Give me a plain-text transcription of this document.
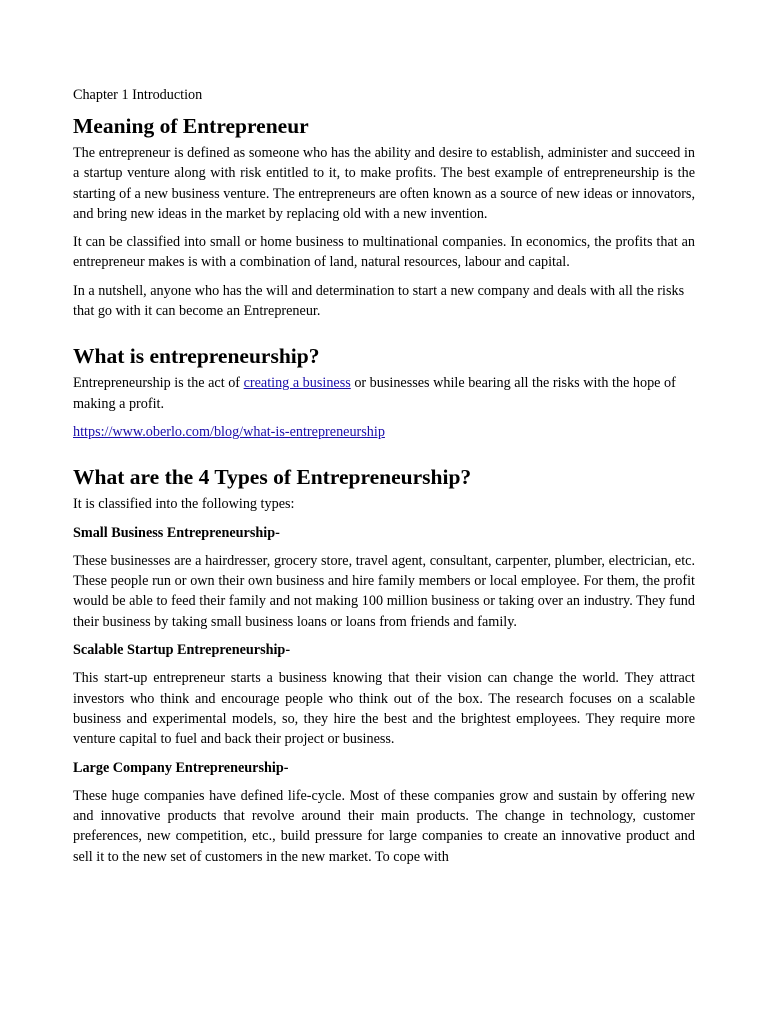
Chapter 1 Introduction
Meaning of Entrepreneur

The entrepreneur is defined as someone who has the ability and desire to establish, administer and succeed in a startup venture along with risk entitled to it, to make profits. The best example of entrepreneurship is the starting of a new business venture. The entrepreneurs are often known as a source of new ideas or innovators, and bring new ideas in the market by replacing old with a new invention.

It can be classified into small or home business to multinational companies. In economics, the profits that an entrepreneur makes is with a combination of land, natural resources, labour and capital.

In a nutshell, anyone who has the will and determination to start a new company and deals with all the risks that go with it can become an Entrepreneur.

What is entrepreneurship?

Entrepreneurship is the act of creating a business or businesses while bearing all the risks with the hope of making a profit.

https://www.oberlo.com/blog/what-is-entrepreneurship

What are the 4 Types of Entrepreneurship?

It is classified into the following types:

Small Business Entrepreneurship-

These businesses are a hairdresser, grocery store, travel agent, consultant, carpenter, plumber, electrician, etc. These people run or own their own business and hire family members or local employee. For them, the profit would be able to feed their family and not making 100 million business or taking over an industry. They fund their business by taking small business loans or loans from friends and family.

Scalable Startup Entrepreneurship-

This start-up entrepreneur starts a business knowing that their vision can change the world. They attract investors who think and encourage people who think out of the box. The research focuses on a scalable business and experimental models, so, they hire the best and the brightest employees. They require more venture capital to fuel and back their project or business.

Large Company Entrepreneurship-

These huge companies have defined life-cycle. Most of these companies grow and sustain by offering new and innovative products that revolve around their main products. The change in technology, customer preferences, new competition, etc., build pressure for large companies to create an innovative product and sell it to the new set of customers in the new market. To cope with
